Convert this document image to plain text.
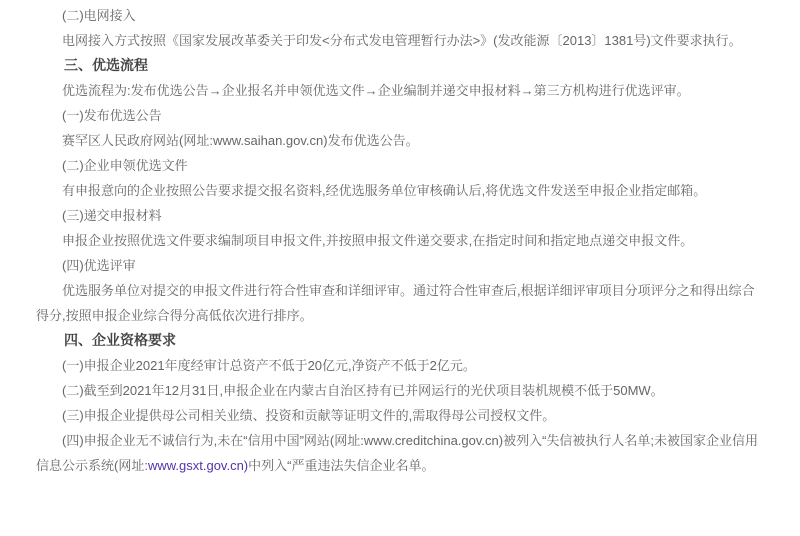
(二)电网接入

电网接入方式按照《国家发展改革委关于印发<分布式发电管理暂行办法>》(发改能源〔2013〕1381号)文件要求执行。

三、优选流程

优选流程为:发布优选公告→企业报名并申领优选文件→企业编制并递交申报材料→第三方机构进行优选评审。

(一)发布优选公告

赛罕区人民政府网站(网址:www.saihan.gov.cn)发布优选公告。

(二)企业申领优选文件

有申报意向的企业按照公告要求提交报名资料,经优选服务单位审核确认后,将优选文件发送至申报企业指定邮箱。

(三)递交申报材料

申报企业按照优选文件要求编制项目申报文件,并按照申报文件递交要求,在指定时间和指定地点递交申报文件。

(四)优选评审

优选服务单位对提交的申报文件进行符合性审查和详细评审。通过符合性审查后,根据详细评审项目分项评分之和得出综合得分,按照申报企业综合得分高低依次进行排序。

四、企业资格要求

(一)申报企业2021年度经审计总资产不低于20亿元,净资产不低于2亿元。

(二)截至到2021年12月31日,申报企业在内蒙古自治区持有已并网运行的光伏项目装机规模不低于50MW。

(三)申报企业提供母公司相关业绩、投资和贡献等证明文件的,需取得母公司授权文件。

(四)申报企业无不诚信行为,未在“信用中国”网站(网址:www.creditchina.gov.cn)被列入“失信被执行人名单;未被国家企业信用信息公示系统(网址:www.gsxt.gov.cn)中列入“严重违法失信企业名单。
